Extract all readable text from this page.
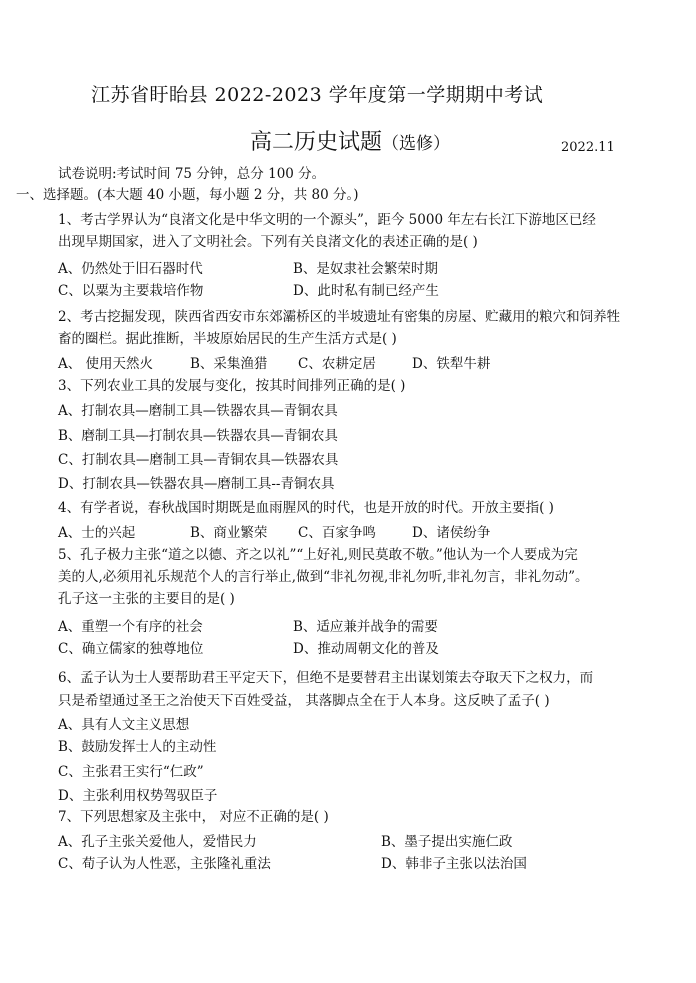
江苏省盱眙县 2022-2023 学年度第一学期期中考试
高二历史试题（选修）	2022.11
试卷说明:考试时间 75 分钟，总分 100 分。
一、选择题。(本大题 40 小题，每小题 2 分，共 80 分。)
1、考古学界认为“良渚文化是中华文明的一个源头”，距今 5000 年左右长江下游地区已经
出现早期国家，进入了文明社会。下列有关良渚文化的表述正确的是( )
A、仍然处于旧石器时代	B、是奴隶社会繁荣时期
C、以粟为主要栽培作物	D、此时私有制已经产生
2、考古挖掘发现，陕西省西安市东郊灞桥区的半坡遗址有密集的房屋、贮藏用的粮穴和饲养牲
畜的圈栏。据此推断，半坡原始居民的生产生活方式是( )
A、 使用天然火	B、采集渔猎 C、农耕定居	D、铁犁牛耕
3、下列农业工具的发展与变化，按其时间排列正确的是( )
A、打制农具—磨制工具—铁器农具—青铜农具
B、磨制工具—打制农具—铁器农具—青铜农具
C、打制农具—磨制工具—青铜农具—铁器农具
D、打制农具—铁器农具—磨制工具--青铜农具
4、有学者说，春秋战国时期既是血雨腥风的时代，也是开放的时代。开放主要指( )
A、士的兴起	B、商业繁荣 C、百家争鸣	D、诸侯纷争
5、孔子极力主张“道之以德、齐之以礼”“上好礼,则民莫敢不敬。”他认为一个人要成为完
美的人,必须用礼乐规范个人的言行举止,做到“非礼勿视,非礼勿听,非礼勿言，非礼勿动”。
孔子这一主张的主要目的是( )
A、重塑一个有序的社会	B、适应兼并战争的需要
C、确立儒家的独尊地位	D、推动周朝文化的普及
6、孟子认为士人要帮助君王平定天下，但绝不是要替君主出谋划策去夺取天下之权力，而
只是希望通过圣王之治使天下百姓受益， 其落脚点全在于人本身。这反映了孟子( )
A、具有人文主义思想
B、鼓励发挥士人的主动性
C、主张君王实行“仁政”
D、主张利用权势驾驭臣子
7、下列思想家及主张中， 对应不正确的是( )
A、孔子主张关爱他人，爱惜民力	B、墨子提出实施仁政
C、荀子认为人性恶，主张隆礼重法	D、韩非子主张以法治国
